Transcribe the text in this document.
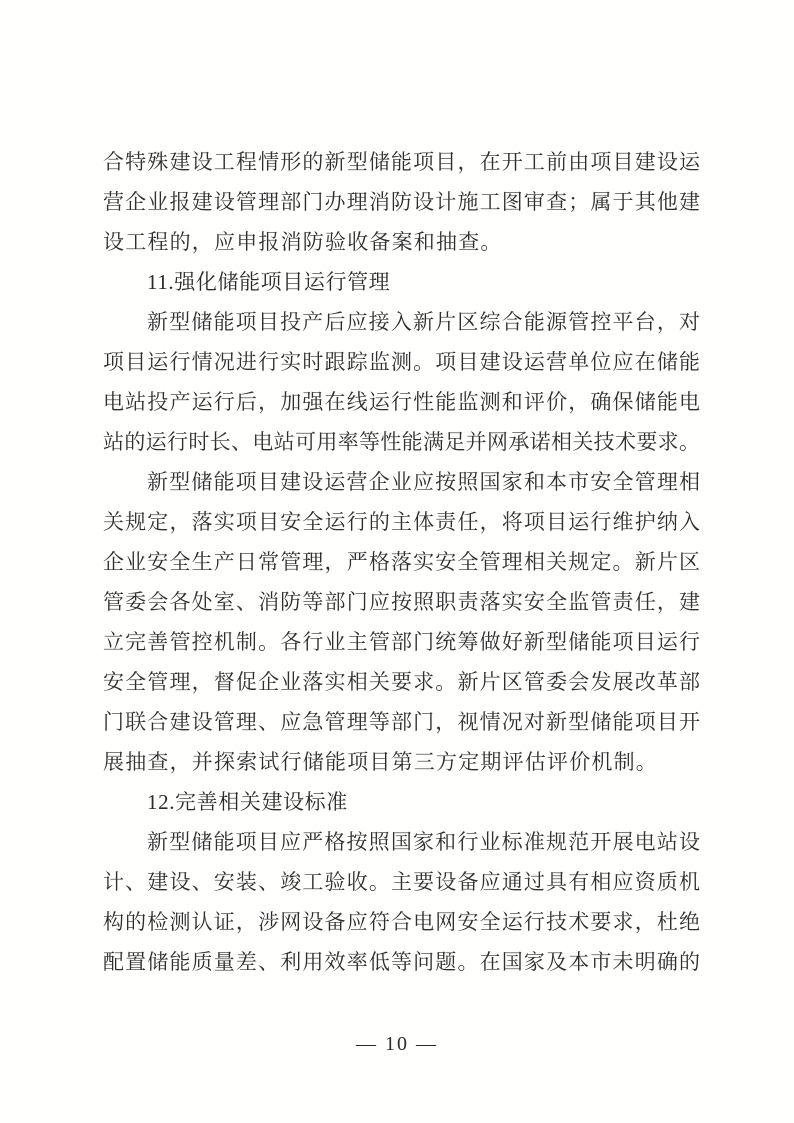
合特殊建设工程情形的新型储能项目，在开工前由项目建设运
营企业报建设管理部门办理消防设计施工图审查；属于其他建
设工程的，应申报消防验收备案和抽查。
11.强化储能项目运行管理
新型储能项目投产后应接入新片区综合能源管控平台，对
项目运行情况进行实时跟踪监测。项目建设运营单位应在储能
电站投产运行后，加强在线运行性能监测和评价，确保储能电
站的运行时长、电站可用率等性能满足并网承诺相关技术要求。
新型储能项目建设运营企业应按照国家和本市安全管理相
关规定，落实项目安全运行的主体责任，将项目运行维护纳入
企业安全生产日常管理，严格落实安全管理相关规定。新片区
管委会各处室、消防等部门应按照职责落实安全监管责任，建
立完善管控机制。各行业主管部门统筹做好新型储能项目运行
安全管理，督促企业落实相关要求。新片区管委会发展改革部
门联合建设管理、应急管理等部门，视情况对新型储能项目开
展抽查，并探索试行储能项目第三方定期评估评价机制。
12.完善相关建设标准
新型储能项目应严格按照国家和行业标准规范开展电站设
计、建设、安装、竣工验收。主要设备应通过具有相应资质机
构的检测认证，涉网设备应符合电网安全运行技术要求，杜绝
配置储能质量差、利用效率低等问题。在国家及本市未明确的
— 10 —
